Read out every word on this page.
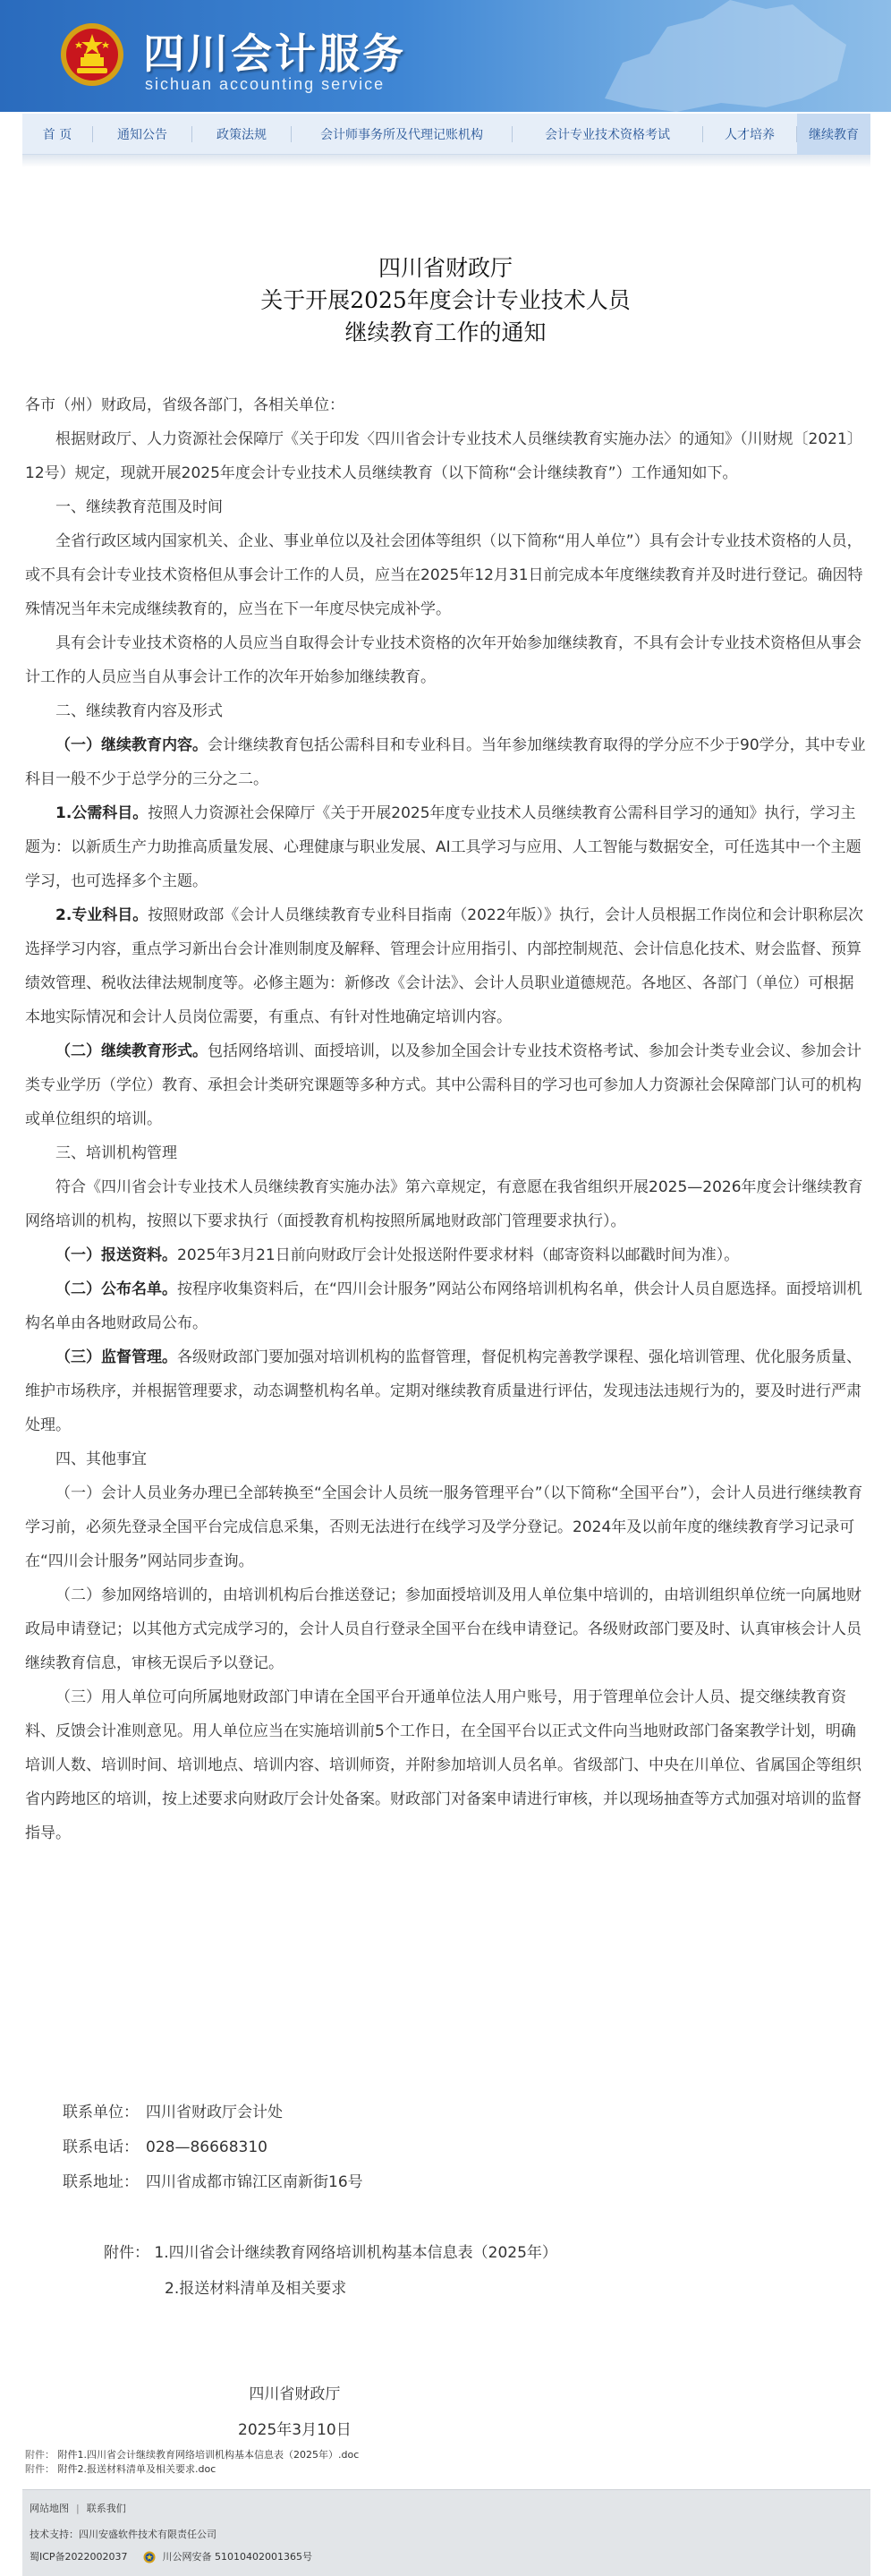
四川会计服务
sichuan accounting service
首 页	通知公告	政策法规	会计师事务所及代理记账机构	会计专业技术资格考试	人才培养	继续教育
四川省财政厅
关于开展2025年度会计专业技术人员
继续教育工作的通知

各市（州）财政局，省级各部门，各相关单位：

根据财政厅、人力资源社会保障厅《关于印发〈四川省会计专业技术人员继续教育实施办法〉的通知》（川财规〔2021〕12号）规定，现就开展2025年度会计专业技术人员继续教育（以下简称“会计继续教育”）工作通知如下。

一、继续教育范围及时间

全省行政区域内国家机关、企业、事业单位以及社会团体等组织（以下简称“用人单位”）具有会计专业技术资格的人员，或不具有会计专业技术资格但从事会计工作的人员，应当在2025年12月31日前完成本年度继续教育并及时进行登记。确因特殊情况当年未完成继续教育的，应当在下一年度尽快完成补学。

具有会计专业技术资格的人员应当自取得会计专业技术资格的次年开始参加继续教育，不具有会计专业技术资格但从事会计工作的人员应当自从事会计工作的次年开始参加继续教育。

二、继续教育内容及形式

（一）继续教育内容。会计继续教育包括公需科目和专业科目。当年参加继续教育取得的学分应不少于90学分，其中专业科目一般不少于总学分的三分之二。

1.公需科目。按照人力资源社会保障厅《关于开展2025年度专业技术人员继续教育公需科目学习的通知》执行，学习主题为：以新质生产力助推高质量发展、心理健康与职业发展、AI工具学习与应用、人工智能与数据安全，可任选其中一个主题学习，也可选择多个主题。

2.专业科目。按照财政部《会计人员继续教育专业科目指南（2022年版）》执行，会计人员根据工作岗位和会计职称层次选择学习内容，重点学习新出台会计准则制度及解释、管理会计应用指引、内部控制规范、会计信息化技术、财会监督、预算绩效管理、税收法律法规制度等。必修主题为：新修改《会计法》、会计人员职业道德规范。各地区、各部门（单位）可根据本地实际情况和会计人员岗位需要，有重点、有针对性地确定培训内容。

（二）继续教育形式。包括网络培训、面授培训，以及参加全国会计专业技术资格考试、参加会计类专业会议、参加会计类专业学历（学位）教育、承担会计类研究课题等多种方式。其中公需科目的学习也可参加人力资源社会保障部门认可的机构或单位组织的培训。

三、培训机构管理

符合《四川省会计专业技术人员继续教育实施办法》第六章规定，有意愿在我省组织开展2025—2026年度会计继续教育网络培训的机构，按照以下要求执行（面授教育机构按照所属地财政部门管理要求执行）。

（一）报送资料。2025年3月21日前向财政厅会计处报送附件要求材料（邮寄资料以邮戳时间为准）。

（二）公布名单。按程序收集资料后，在“四川会计服务”网站公布网络培训机构名单，供会计人员自愿选择。面授培训机构名单由各地财政局公布。

（三）监督管理。各级财政部门要加强对培训机构的监督管理，督促机构完善教学课程、强化培训管理、优化服务质量、维护市场秩序，并根据管理要求，动态调整机构名单。定期对继续教育质量进行评估，发现违法违规行为的，要及时进行严肃处理。

四、其他事宜

（一）会计人员业务办理已全部转换至“全国会计人员统一服务管理平台”（以下简称“全国平台”），会计人员进行继续教育学习前，必须先登录全国平台完成信息采集，否则无法进行在线学习及学分登记。2024年及以前年度的继续教育学习记录可在“四川会计服务”网站同步查询。

（二）参加网络培训的，由培训机构后台推送登记；参加面授培训及用人单位集中培训的，由培训组织单位统一向属地财政局申请登记；以其他方式完成学习的，会计人员自行登录全国平台在线申请登记。各级财政部门要及时、认真审核会计人员继续教育信息，审核无误后予以登记。

（三）用人单位可向所属地财政部门申请在全国平台开通单位法人用户账号，用于管理单位会计人员、提交继续教育资料、反馈会计准则意见。用人单位应当在实施培训前5个工作日，在全国平台以正式文件向当地财政部门备案教学计划，明确培训人数、培训时间、培训地点、培训内容、培训师资，并附参加培训人员名单。省级部门、中央在川单位、省属国企等组织省内跨地区的培训，按上述要求向财政厅会计处备案。财政部门对备案申请进行审核，并以现场抽查等方式加强对培训的监督指导。

联系单位： 四川省财政厅会计处
联系电话： 028—86668310
联系地址： 四川省成都市锦江区南新街16号
附件： 1.四川省会计继续教育网络培训机构基本信息表（2025年）
2.报送材料清单及相关要求
四川省财政厅
2025年3月10日
附件： 附件1.四川省会计继续教育网络培训机构基本信息表（2025年）.doc
附件： 附件2.报送材料清单及相关要求.doc
网站地图 | 联系我们
技术支持：四川安盛软件技术有限责任公司
蜀ICP备2022002037	川公网安备 51010402001365号
